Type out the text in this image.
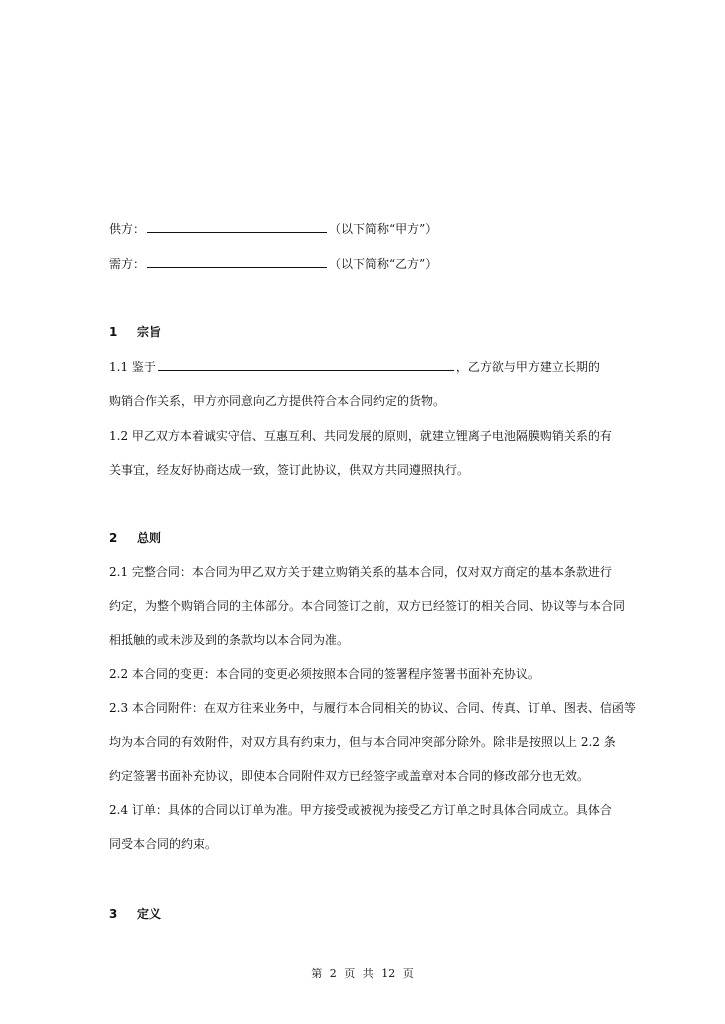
供方：	（以下简称“甲方”）
需方：	（以下简称“乙方”）
1 宗旨
1.1 鉴于	，乙方欲与甲方建立长期的
购销合作关系，甲方亦同意向乙方提供符合本合同约定的货物。
1.2 甲乙双方本着诚实守信、互惠互利、共同发展的原则，就建立锂离子电池隔膜购销关系的有
关事宜，经友好协商达成一致，签订此协议，供双方共同遵照执行。
2 总则
2.1 完整合同：本合同为甲乙双方关于建立购销关系的基本合同，仅对双方商定的基本条款进行
约定，为整个购销合同的主体部分。本合同签订之前，双方已经签订的相关合同、协议等与本合同
相抵触的或未涉及到的条款均以本合同为准。
2.2 本合同的变更：本合同的变更必须按照本合同的签署程序签署书面补充协议。
2.3 本合同附件：在双方往来业务中，与履行本合同相关的协议、合同、传真、订单、图表、信函等
均为本合同的有效附件，对双方具有约束力，但与本合同冲突部分除外。除非是按照以上 2.2 条
约定签署书面补充协议，即使本合同附件双方已经签字或盖章对本合同的修改部分也无效。
2.4 订单：具体的合同以订单为准。甲方接受或被视为接受乙方订单之时具体合同成立。具体合
同受本合同的约束。
3 定义
第 2 页 共 12 页
